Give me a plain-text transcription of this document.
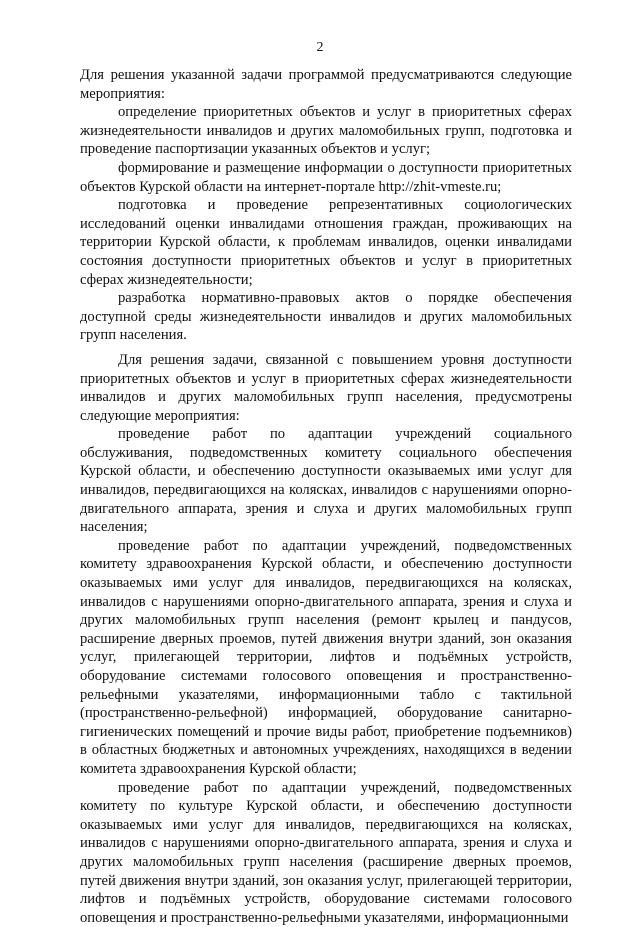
2

Для решения указанной задачи программой предусматриваются следующие мероприятия:

определение приоритетных объектов и услуг в приоритетных сферах жизнедеятельности инвалидов и других маломобильных групп, подготовка и проведение паспортизации указанных объектов и услуг;

формирование и размещение информации о доступности приоритетных объектов Курской области на интернет-портале http://zhit-vmeste.ru;

подготовка и проведение репрезентативных социологических исследований оценки инвалидами отношения граждан, проживающих на территории Курской области, к проблемам инвалидов, оценки инвалидами состояния доступности приоритетных объектов и услуг в приоритетных сферах жизнедеятельности;

разработка нормативно-правовых актов о порядке обеспечения доступной среды жизнедеятельности инвалидов и других маломобильных групп населения.

Для решения задачи, связанной с повышением уровня доступности приоритетных объектов и услуг в приоритетных сферах жизнедеятельности инвалидов и других маломобильных групп населения, предусмотрены следующие мероприятия:

проведение работ по адаптации учреждений социального обслуживания, подведомственных комитету социального обеспечения Курской области, и обеспечению доступности оказываемых ими услуг для инвалидов, передвигающихся на колясках, инвалидов с нарушениями опорно-двигательного аппарата, зрения и слуха и других маломобильных групп населения;

проведение работ по адаптации учреждений, подведомственных комитету здравоохранения Курской области, и обеспечению доступности оказываемых ими услуг для инвалидов, передвигающихся на колясках, инвалидов с нарушениями опорно-двигательного аппарата, зрения и слуха и других маломобильных групп населения (ремонт крылец и пандусов, расширение дверных проемов, путей движения внутри зданий, зон оказания услуг, прилегающей территории, лифтов и подъёмных устройств, оборудование системами голосового оповещения и пространственно-рельефными указателями, информационными табло с тактильной (пространственно-рельефной) информацией, оборудование санитарно-гигиенических помещений и прочие виды работ, приобретение подъемников) в областных бюджетных и автономных учреждениях, находящихся в ведении комитета здравоохранения Курской области;

проведение работ по адаптации учреждений, подведомственных комитету по культуре Курской области, и обеспечению доступности оказываемых ими услуг для инвалидов, передвигающихся на колясках, инвалидов с нарушениями опорно-двигательного аппарата, зрения и слуха и других маломобильных групп населения (расширение дверных проемов, путей движения внутри зданий, зон оказания услуг, прилегающей территории, лифтов и подъёмных устройств, оборудование системами голосового оповещения и пространственно-рельефными указателями, информационными
